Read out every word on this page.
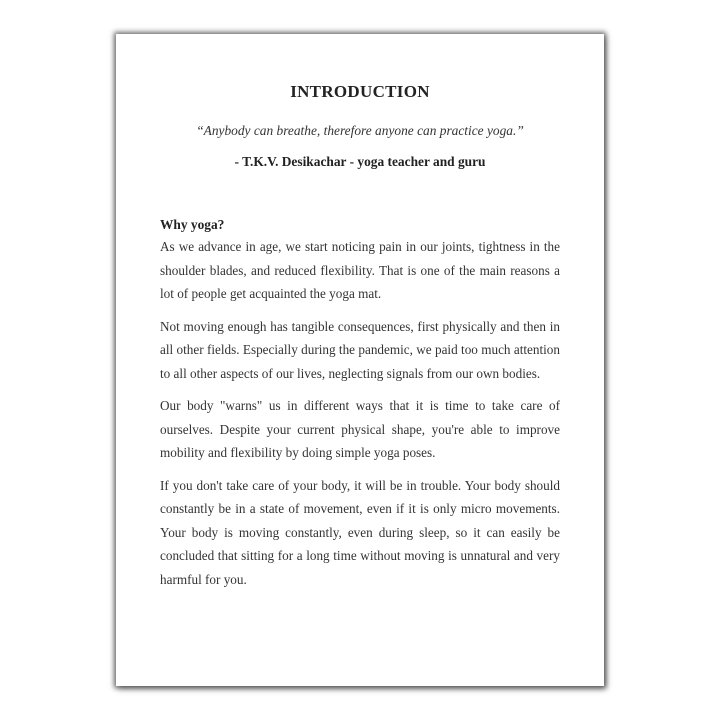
INTRODUCTION

“Anybody can breathe, therefore anyone can practice yoga.”

- T.K.V. Desikachar - yoga teacher and guru

Why yoga?

As we advance in age, we start noticing pain in our joints, tightness in the shoulder blades, and reduced flexibility. That is one of the main reasons a lot of people get acquainted the yoga mat.

Not moving enough has tangible consequences, first physically and then in all other fields. Especially during the pandemic, we paid too much attention to all other aspects of our lives, neglecting signals from our own bodies.

Our body "warns" us in different ways that it is time to take care of ourselves. Despite your current physical shape, you're able to improve mobility and flexibility by doing simple yoga poses.

If you don't take care of your body, it will be in trouble. Your body should constantly be in a state of movement, even if it is only micro movements. Your body is moving constantly, even during sleep, so it can easily be concluded that sitting for a long time without moving is unnatural and very harmful for you.
